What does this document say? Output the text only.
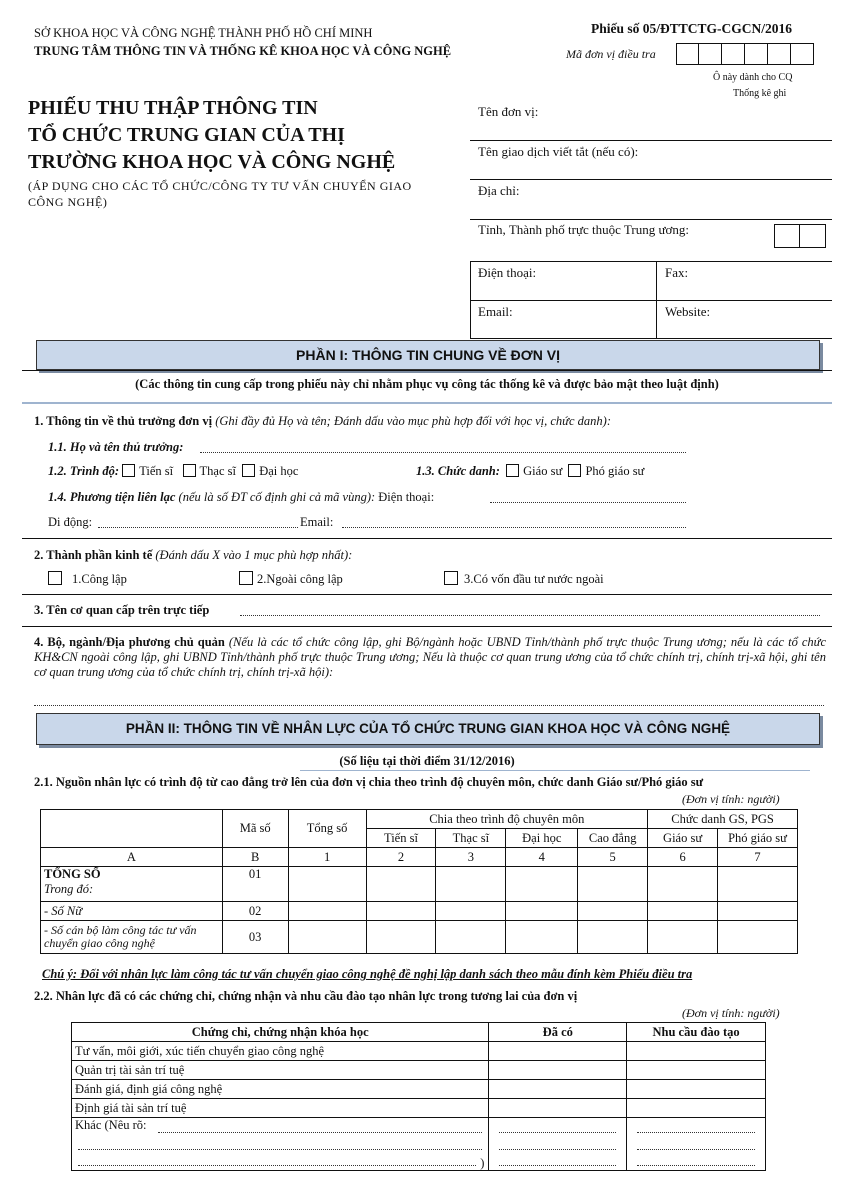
SỞ KHOA HỌC VÀ CÔNG NGHỆ THÀNH PHỐ HỒ CHÍ MINH
TRUNG TÂM THÔNG TIN VÀ THỐNG KÊ KHOA HỌC VÀ CÔNG NGHỆ
Phiếu số 05/ĐTTCTG-CGCN/2016
Mã đơn vị điều tra
Ô này dành cho CQ
Thống kê ghi
PHIẾU THU THẬP THÔNG TIN
TỔ CHỨC TRUNG GIAN CỦA THỊ
TRƯỜNG KHOA HỌC VÀ CÔNG NGHỆ
(ÁP DỤNG CHO CÁC TỔ CHỨC/CÔNG TY TƯ VẤN CHUYỂN GIAO CÔNG NGHỆ)
Tên đơn vị:
Tên giao dịch viết tắt (nếu có):
Địa chỉ:
Tỉnh, Thành phố trực thuộc Trung ương:
Điện thoại:	Fax:
Email:	Website:
PHẦN I: THÔNG TIN CHUNG VỀ ĐƠN VỊ
(Các thông tin cung cấp trong phiếu này chỉ nhằm phục vụ công tác thống kê và được bảo mật theo luật định)
1. Thông tin về thủ trưởng đơn vị (Ghi đầy đủ Họ và tên; Đánh dấu vào mục phù hợp đối với học vị, chức danh):
1.1. Họ và tên thủ trưởng:
1.2. Trình độ: Tiến sĩ Thạc sĩ Đại học	1.3. Chức danh: Giáo sư Phó giáo sư
1.4. Phương tiện liên lạc (nếu là số ĐT cố định ghi cả mã vùng): Điện thoại:
Di động:	Email:
2. Thành phần kinh tế (Đánh dấu X vào 1 mục phù hợp nhất):
1.Công lập	2.Ngoài công lập	3.Có vốn đầu tư nước ngoài
3. Tên cơ quan cấp trên trực tiếp
4. Bộ, ngành/Địa phương chủ quản (Nếu là các tổ chức công lập, ghi Bộ/ngành hoặc UBND Tỉnh/thành phố trực thuộc Trung ương; nếu là các tổ chức KH&CN ngoài công lập, ghi UBND Tỉnh/thành phố trực thuộc Trung ương; Nếu là thuộc cơ quan trung ương của tổ chức chính trị, chính trị-xã hội, ghi tên cơ quan trung ương của tổ chức chính trị, chính trị-xã hội):
PHẦN II: THÔNG TIN VỀ NHÂN LỰC CỦA TỔ CHỨC TRUNG GIAN KHOA HỌC VÀ CÔNG NGHỆ
(Số liệu tại thời điểm 31/12/2016)
2.1. Nguồn nhân lực có trình độ từ cao đẳng trở lên của đơn vị chia theo trình độ chuyên môn, chức danh Giáo sư/Phó giáo sư
(Đơn vị tính: người)
	Mã số	Tổng số	Chia theo trình độ chuyên môn				Chức danh GS, PGS	
			Tiến sĩ	Thạc sĩ	Đại học	Cao đẳng	Giáo sư	Phó giáo sư
A	B	1	2	3	4	5	6	7

TỔNG SỐ
Trong đó:	01							
- Số Nữ	02							
- Số cán bộ làm công tác tư vấn chuyển giao công nghệ	03							
Chú ý: Đối với nhân lực làm công tác tư vấn chuyển giao công nghệ đề nghị lập danh sách theo mẫu đính kèm Phiếu điều tra
2.2. Nhân lực đã có các chứng chỉ, chứng nhận và nhu cầu đào tạo nhân lực trong tương lai của đơn vị
(Đơn vị tính: người)
Chứng chỉ, chứng nhận khóa học	Đã có	Nhu cầu đào tạo
Tư vấn, môi giới, xúc tiến chuyển giao công nghệ		
Quản trị tài sản trí tuệ		
Đánh giá, định giá công nghệ		
Định giá tài sản trí tuệ		
Khác (Nêu rõ:
)		
